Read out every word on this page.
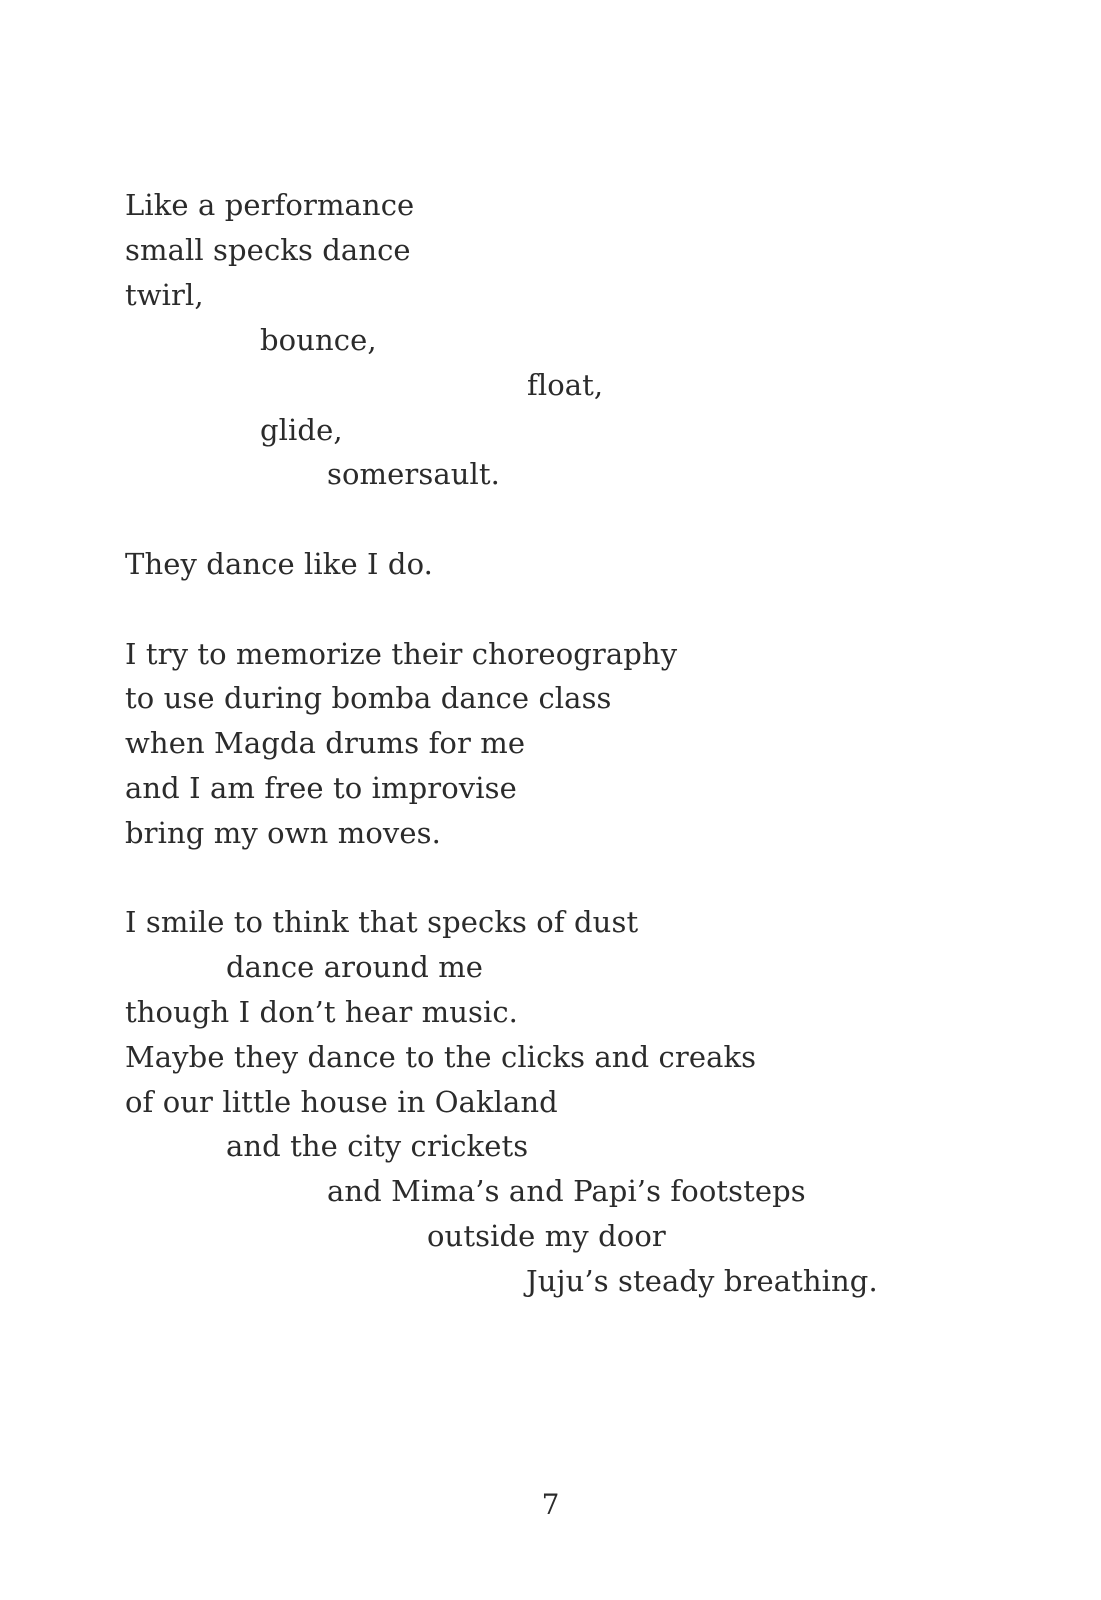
Like a performance
small specks dance
twirl,
bounce,
float,
glide,
somersault.
They dance like I do.
I try to memorize their choreography
to use during bomba dance class
when Magda drums for me
and I am free to improvise
bring my own moves.
I smile to think that specks of dust
dance around me
though I don’t hear music.
Maybe they dance to the clicks and creaks
of our little house in Oakland
and the city crickets
and Mima’s and Papi’s footsteps
outside my door
Juju’s steady breathing.
7
